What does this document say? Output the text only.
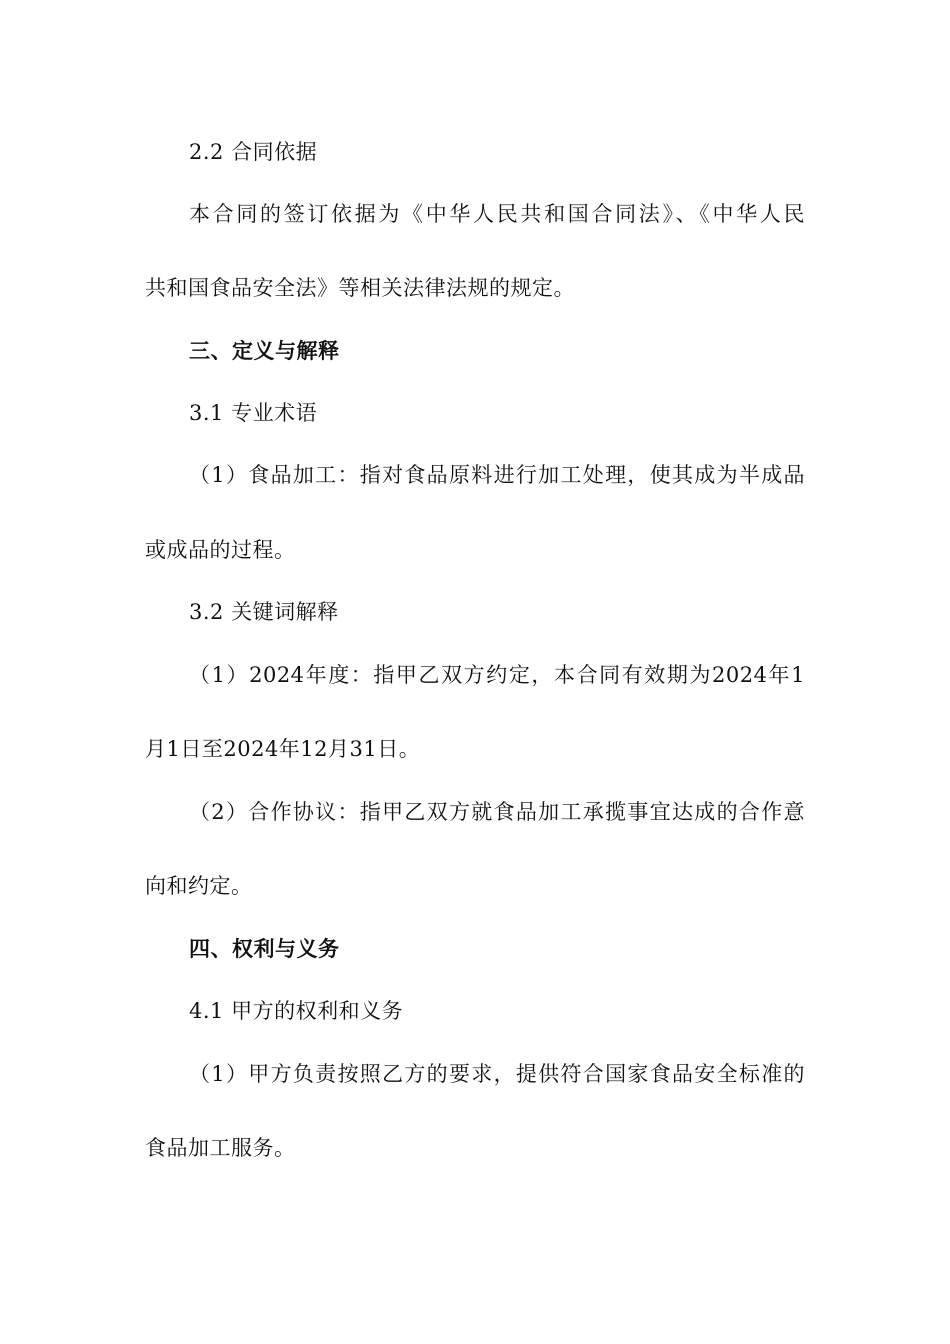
2.2 合同依据
本合同的签订依据为《中华人民共和国合同法》、《中华人民
共和国食品安全法》等相关法律法规的规定。
三、定义与解释
3.1 专业术语
（1）食品加工：指对食品原料进行加工处理，使其成为半成品
或成品的过程。
3.2 关键词解释
（1）2024年度：指甲乙双方约定，本合同有效期为2024年1
月1日至2024年12月31日。
（2）合作协议：指甲乙双方就食品加工承揽事宜达成的合作意
向和约定。
四、权利与义务
4.1 甲方的权利和义务
（1）甲方负责按照乙方的要求，提供符合国家食品安全标准的
食品加工服务。
